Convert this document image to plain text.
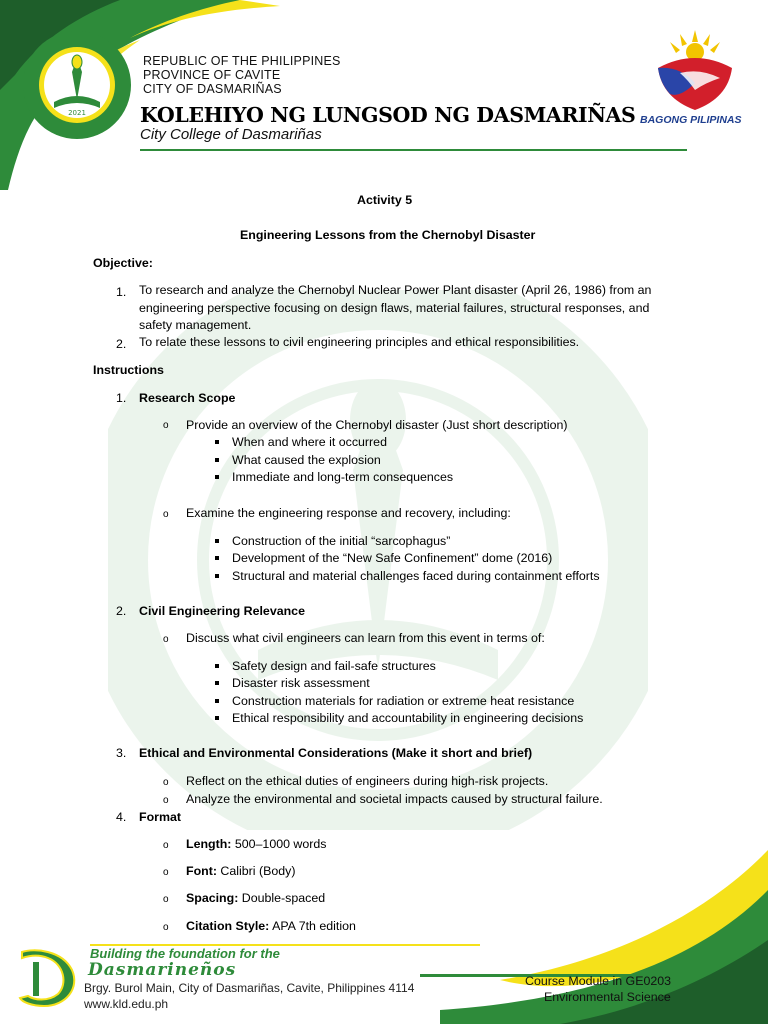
2021
REPUBLIC OF THE PHILIPPINES
PROVINCE OF CAVITE
CITY OF DASMARIÑAS
KOLEHIYO NG LUNGSOD NG DASMARIÑAS
City College of Dasmariñas
BAGONG PILIPINAS
Activity 5
Engineering Lessons from the Chernobyl Disaster
Objective:
1. To research and analyze the Chernobyl Nuclear Power Plant disaster (April 26, 1986) from an
engineering perspective focusing on design flaws, material failures, structural responses, and
safety management.
2. To relate these lessons to civil engineering principles and ethical responsibilities.
Instructions
1. Research Scope
o Provide an overview of the Chernobyl disaster (Just short description)
When and where it occurred
What caused the explosion
Immediate and long-term consequences
o Examine the engineering response and recovery, including:
Construction of the initial “sarcophagus”
Development of the “New Safe Confinement” dome (2016)
Structural and material challenges faced during containment efforts
2. Civil Engineering Relevance
o Discuss what civil engineers can learn from this event in terms of:
Safety design and fail-safe structures
Disaster risk assessment
Construction materials for radiation or extreme heat resistance
Ethical responsibility and accountability in engineering decisions
3. Ethical and Environmental Considerations (Make it short and brief)
o Reflect on the ethical duties of engineers during high-risk projects.
o Analyze the environmental and societal impacts caused by structural failure.
4. Format
o Length: 500–1000 words
o Font: Calibri (Body)
o Spacing: Double-spaced
o Citation Style: APA 7th edition
Building the foundation for the
Dasmarineños
Brgy. Burol Main, City of Dasmariñas, Cavite, Philippines 4114
www.kld.edu.ph
Course Module in GE0203
Environmental Science
